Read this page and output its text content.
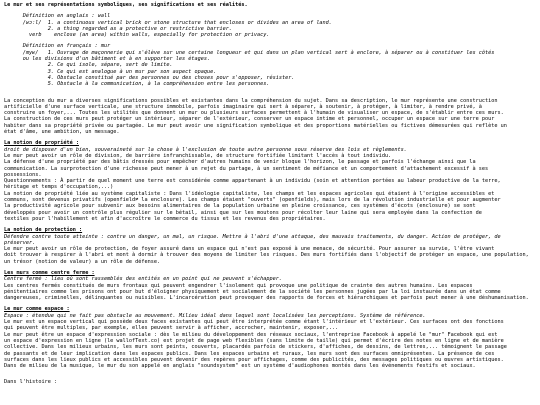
Le mur et ses représentations symboliques, ses significations et ses réalités.
Définition en anglais : wall
/wɔːl/  1. a continuous vertical brick or stone structure that encloses or divides an area of land.
2. a thing regarded as a protective or restrictive barrier.
verb    enclose (an area) within walls, especially for protection or privacy.
Définition en français : mur
/myʁ/   1. Ouvrage de maçonnerie qui s'élève sur une certaine longueur et qui dans un plan vertical sert à enclore, à séparer ou à constituer les côtés
ou les divisions d'un bâtiment et à en supporter les étages.
2. Ce qui isole, sépare, sert de limite.
3. Ce qui est analogue à un mur par son aspect opaque.
4. Obstacle constitué par des personnes ou des choses pour s'opposer, résister.
5. Obstacle à la communication, à la compréhension entre les personnes.
La conception du mur a diverses significations possibles et existantes dans la compréhension du sujet. Dans sa description, le mur représente une construction
artificielle d'une surface verticale, une structure immobile, parfois imaginaire qui sert à séparer, à soutenir, à protéger, à limiter, à rendre privé, à
construire un foyer,... Toutes les utilités que donnent un mur ou plusieurs surfaces permettent à l'humain de visualiser un espace, de s'établir entre ces murs.
La construction de ces murs peut protéger un intérieur, séparer de l'extérieur, conserver un espace intime et personnel, occuper un espace sur une terre pour
habiter dans sa propriété privée ou partagée. Le mur peut avoir une signification symbolique et des proportions matérielles ou fictives démesurées qui reflète un
état d'âme, une ambition, un message.
La notion de propriété :
droit de disposer d'un bien, souveraineté sur la chose à l'exclusion de toute autre personne sous réserve des lois et règlements.
Le mur peut avoir un rôle de division, de barrière infranchissable, de structure fortifiée limitant l'accès à tout individu.
La défense d'une propriété par des bâtis dressés pour empêcher d'autres humains de venir bloque l'horizon, le passage et parfois l'échange ainsi que la
communication. La surprotection d'une richesse peut mener à un rejet du partage, à un sentiment de méfiance et un comportement d'attachement excessif à ses
possessions.
Questionnements : À partir de quel moment une terre est considérée comme appartenant à un individu (soin et attention portées au labeur productive de la terre,
héritage et temps d'occupation,...)
La notion de propriété liée au système capitaliste : Dans l'idéologie capitaliste, les champs et les espaces agricoles qui étaient à l'origine accessibles et
communs, sont devenus privatifs (openfield≠ la enclosure). Les champs étaient "ouverts" (openfields), mais lors de la révolution industrielle et pour augmenter
la productivité agricole pour subvenir aux besoins alimentaires de la population urbaine en pleine croissance, ces systèmes d'écots (enclosure) se sont
développés pour avoir un contrôle plus régulier sur le bétail, ainsi que sur les moutons pour récolter leur laine qui sera employée dans la confection de
textiles pour l'habillement et afin d'accroître le commerce du tissus et les revenus des propriétaires.
La notion de protection :
Défendre contre toute atteinte : contre un danger, un mal, un risque. Mettre à l'abri d'une attaque, des mauvais traitements, du danger. Action de protéger, de
préserver.
Le mur peut avoir un rôle de protection, de foyer assuré dans un espace qui n'est pas exposé à une menace, de sécurité. Pour assurer sa survie, l'être vivant
doit trouver à respirer à l'abri et mont à dormir à trouver des moyens de limiter les risques. Des murs fortifiés dans l'objectif de protéger un espace, une population,
un trésor (notion de valeur) a un rôle de défense.
Les murs comme centre ferme :
Centre fermé : lieu où sont rassemblés des entités en un point qui ne peuvent s'échapper.
Les centres fermés constitués de murs frontaux qui peuvent engendrer l'isolement qui provoque une politique de crainte des autres humains. Les espaces
pénitentiaires comme les prisons ont pour but d'éloigner physiquement et socialement de la société les personnes jugées par la loi instaurée dans un état comme
dangereuses, criminelles, délinquantes ou nuisibles. L'incarcération peut provoquer des rapports de forces et hiérarchiques et parfois peut mener à une déshumanisation.
Le mur comme espace :
Espace : étendue qui ne fait pas obstacle au mouvement. Milieu idéal dans lequel sont localisées les perceptions. Système de référence.
Le mur est un espace vertical qui possède deux faces existantes qui peut être interprétée comme étant l'intérieur et l'extérieur. Ces surfaces ont des fonctions
qui peuvent être multiples, par exemple, elles peuvent servir à afficher, accrocher, maintenir, exposer,...
Le mur peut être un espace d'expression sociale : dès le milieu du développement des réseaux sociaux, l'entreprise Facebook à appelé le "mur" Facebook qui est
un espace d'expression en ligne (le wallofText.co) est projet de page web flexibles (sans limite de taille) qui permet d'écrire des notes en ligne et de manière
collective. Dans les milieux urbains, les murs sont peints, couverts, placardés parfois de stickers, d'affiches, de dessins, de lettres,... témoignent le passage
de passants et de leur implication dans les espaces publics. Dans les espaces urbains et ruraux, les murs sont des surfaces omniprésentes. La présence de ces
surfaces dans les lieux publics et accessibles peuvent devenir des repères pour affichages, comme des publicités, des messages politiques ou œuvres artistiques.
Dans de milieu de la musique, le mur du son appelé en anglais "soundsystem" est un système d'audiophones montés dans les événements festifs et sociaux.
Dans l'histoire :
